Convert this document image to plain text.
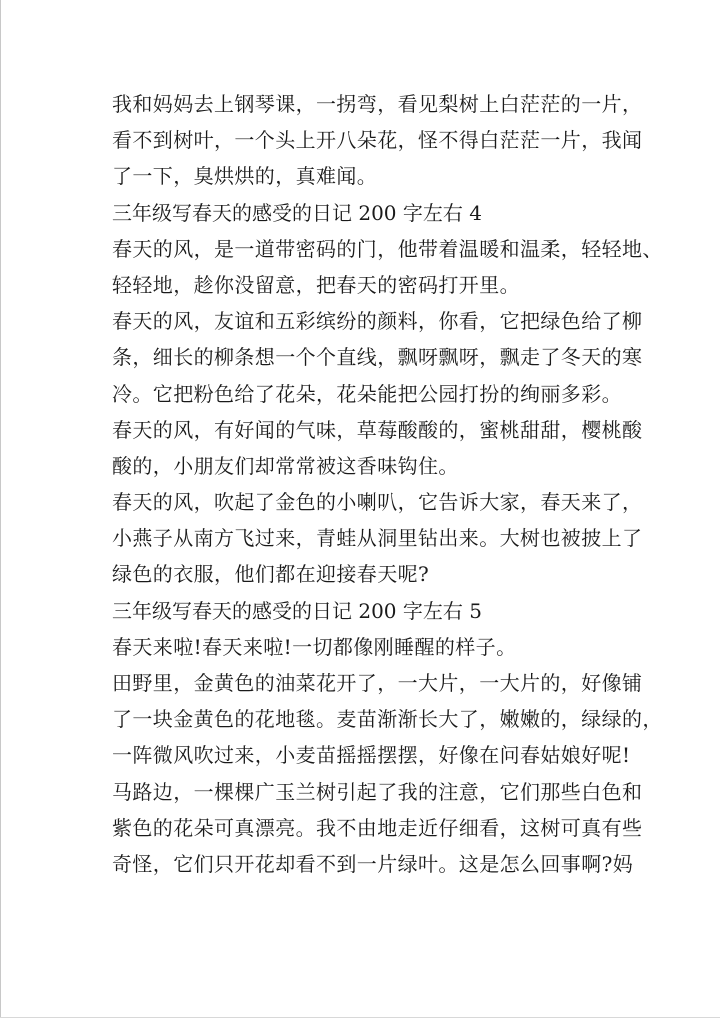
我和妈妈去上钢琴课，一拐弯，看见梨树上白茫茫的一片，
看不到树叶，一个头上开八朵花，怪不得白茫茫一片，我闻
了一下，臭烘烘的，真难闻。
三年级写春天的感受的日记 200 字左右 4
春天的风，是一道带密码的门，他带着温暖和温柔，轻轻地、
轻轻地，趁你没留意，把春天的密码打开里。
春天的风，友谊和五彩缤纷的颜料，你看，它把绿色给了柳
条，细长的柳条想一个个直线，飘呀飘呀，飘走了冬天的寒
冷。它把粉色给了花朵，花朵能把公园打扮的绚丽多彩。
春天的风，有好闻的气味，草莓酸酸的，蜜桃甜甜，樱桃酸
酸的，小朋友们却常常被这香味钩住。
春天的风，吹起了金色的小喇叭，它告诉大家，春天来了，
小燕子从南方飞过来，青蛙从洞里钻出来。大树也被披上了
绿色的衣服，他们都在迎接春天呢?
三年级写春天的感受的日记 200 字左右 5
春天来啦!春天来啦!一切都像刚睡醒的样子。
田野里，金黄色的油菜花开了，一大片，一大片的，好像铺
了一块金黄色的花地毯。麦苗渐渐长大了，嫩嫩的，绿绿的，
一阵微风吹过来，小麦苗摇摇摆摆，好像在问春姑娘好呢!
马路边，一棵棵广玉兰树引起了我的注意，它们那些白色和
紫色的花朵可真漂亮。我不由地走近仔细看，这树可真有些
奇怪，它们只开花却看不到一片绿叶。这是怎么回事啊?妈
